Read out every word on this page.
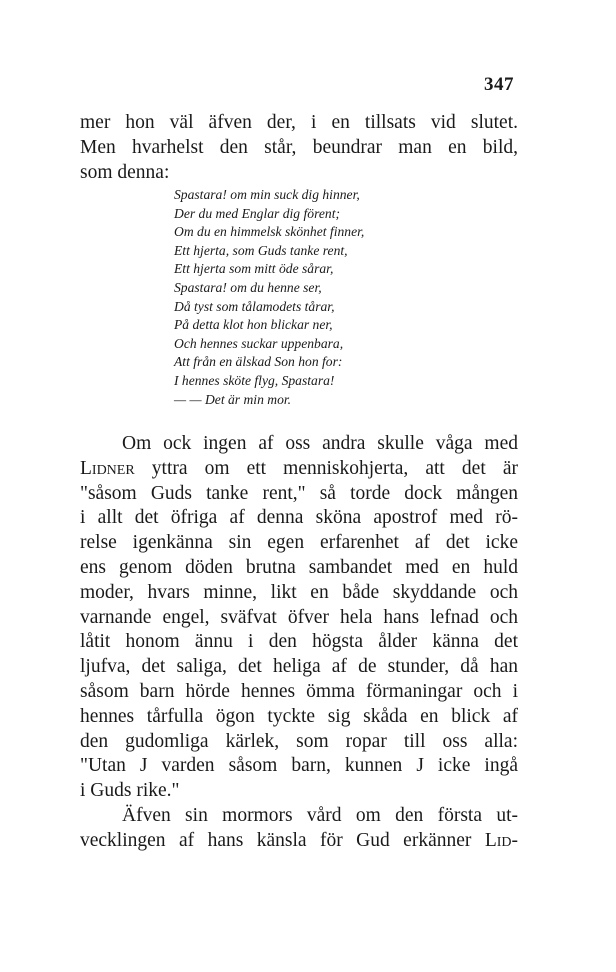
347
mer hon väl äfven der, i en tillsats vid slutet.
Men hvarhelst den står, beundrar man en bild,
som denna:
Spastara! om min suck dig hinner,
Der du med Englar dig förent;
Om du en himmelsk skönhet finner,
Ett hjerta, som Guds tanke rent,
Ett hjerta som mitt öde sårar,
Spastara! om du henne ser,
Då tyst som tålamodets tårar,
På detta klot hon blickar ner,
Och hennes suckar uppenbara,
Att från en älskad Son hon for:
I hennes sköte flyg, Spastara!
— — Det är min mor.
Om ock ingen af oss andra skulle våga med
Lidner yttra om ett menniskohjerta, att det är
"såsom Guds tanke rent," så torde dock mången
i allt det öfriga af denna sköna apostrof med rö-
relse igenkänna sin egen erfarenhet af det icke
ens genom döden brutna sambandet med en huld
moder, hvars minne, likt en både skyddande och
varnande engel, sväfvat öfver hela hans lefnad och
låtit honom ännu i den högsta ålder känna det
ljufva, det saliga, det heliga af de stunder, då han
såsom barn hörde hennes ömma förmaningar och i
hennes tårfulla ögon tyckte sig skåda en blick af
den gudomliga kärlek, som ropar till oss alla:
"Utan J varden såsom barn, kunnen J icke ingå
i Guds rike."
Äfven sin mormors vård om den första ut-
vecklingen af hans känsla för Gud erkänner Lid-
